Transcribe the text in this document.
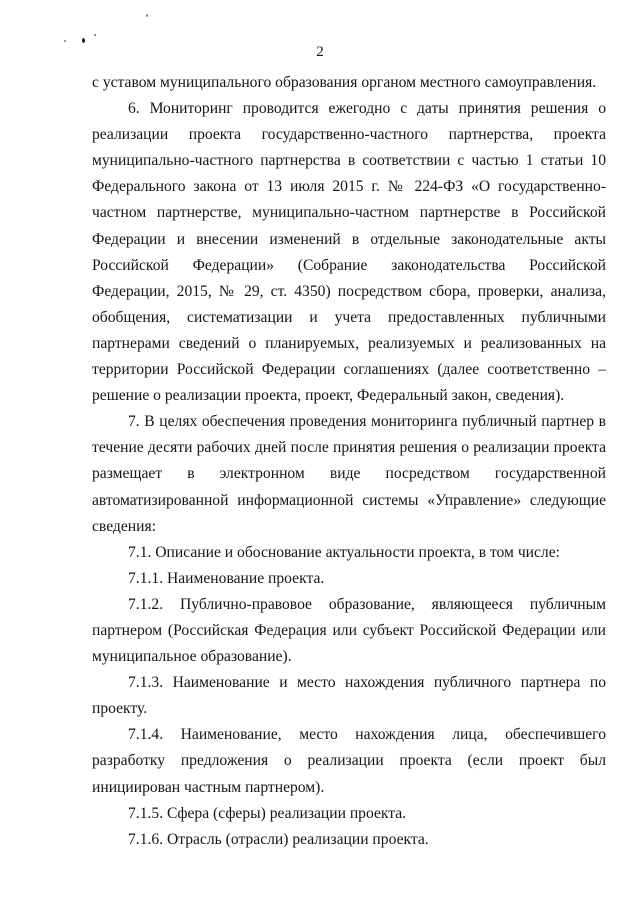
2

с уставом муниципального образования органом местного самоуправления.

6. Мониторинг проводится ежегодно с даты принятия решения о реализации проекта государственно-частного партнерства, проекта муниципально-частного партнерства в соответствии с частью 1 статьи 10 Федерального закона от 13 июля 2015 г. № 224-ФЗ «О государственно-частном партнерстве, муниципально-частном партнерстве в Российской Федерации и внесении изменений в отдельные законодательные акты Российской Федерации» (Собрание законодательства Российской Федерации, 2015, № 29, ст. 4350) посредством сбора, проверки, анализа, обобщения, систематизации и учета предоставленных публичными партнерами сведений о планируемых, реализуемых и реализованных на территории Российской Федерации соглашениях (далее соответственно – решение о реализации проекта, проект, Федеральный закон, сведения).

7. В целях обеспечения проведения мониторинга публичный партнер в течение десяти рабочих дней после принятия решения о реализации проекта размещает в электронном виде посредством государственной автоматизированной информационной системы «Управление» следующие сведения:

7.1. Описание и обоснование актуальности проекта, в том числе:

7.1.1. Наименование проекта.

7.1.2. Публично-правовое образование, являющееся публичным партнером (Российская Федерация или субъект Российской Федерации или муниципальное образование).

7.1.3. Наименование и место нахождения публичного партнера по проекту.

7.1.4. Наименование, место нахождения лица, обеспечившего разработку предложения о реализации проекта (если проект был инициирован частным партнером).

7.1.5. Сфера (сферы) реализации проекта.

7.1.6. Отрасль (отрасли) реализации проекта.
